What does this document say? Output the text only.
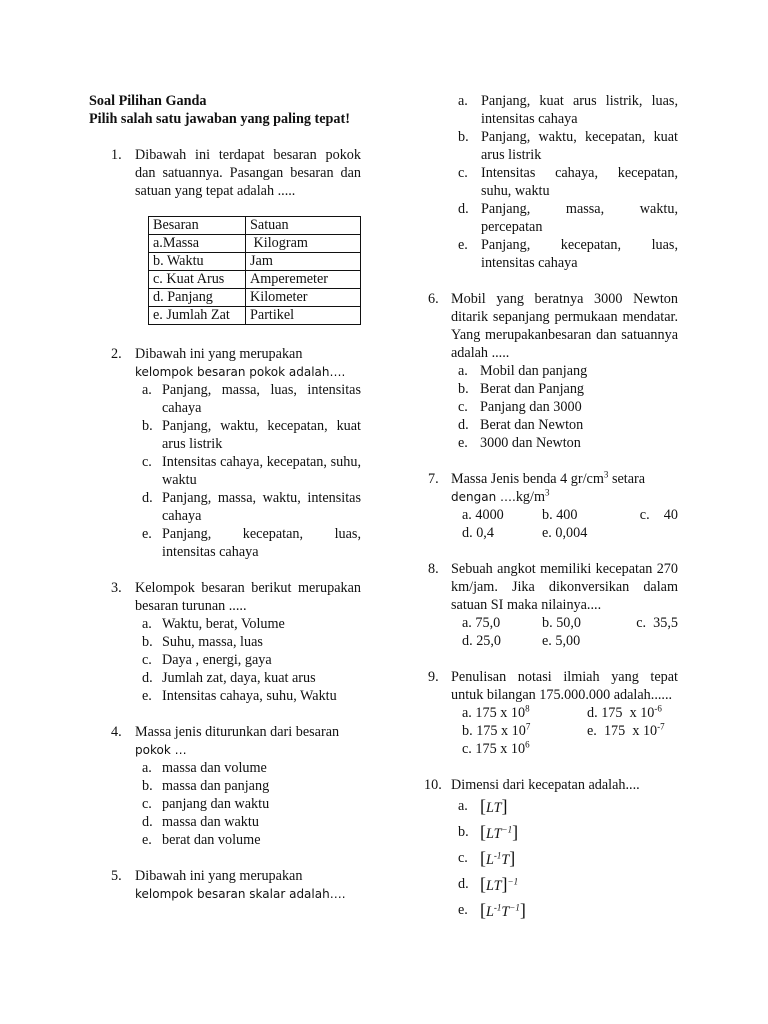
Soal Pilihan Ganda
Pilih salah satu jawaban yang paling tepat!
1. Dibawah ini terdapat besaran pokok dan satuannya. Pasangan besaran dan satuan yang tepat adalah .....
Besaran	Satuan
a.Massa	Kilogram
b. Waktu	Jam
c. Kuat Arus	Amperemeter
d. Panjang	Kilometer
e. Jumlah Zat	Partikel
2. Dibawah ini yang merupakan
kelompok besaran pokok adalah….
a. Panjang, massa, luas, intensitas cahaya
b. Panjang, waktu, kecepatan, kuat arus listrik
c. Intensitas cahaya, kecepatan, suhu, waktu
d. Panjang, massa, waktu, intensitas cahaya
e. Panjang, kecepatan, luas, intensitas cahaya
3. Kelompok besaran berikut merupakan besaran turunan .....
a. Waktu, berat, Volume
b. Suhu, massa, luas
c. Daya , energi, gaya
d. Jumlah zat, daya, kuat arus
e. Intensitas cahaya, suhu, Waktu
4. Massa jenis diturunkan dari besaran
pokok …
a. massa dan volume
b. massa dan panjang
c. panjang dan waktu
d. massa dan waktu
e. berat dan volume
5. Dibawah ini yang merupakan
kelompok besaran skalar adalah….
a. Panjang, kuat arus listrik, luas, intensitas cahaya
b. Panjang, waktu, kecepatan, kuat arus listrik
c. Intensitas cahaya, kecepatan, suhu, waktu
d. Panjang, massa, waktu, percepatan
e. Panjang, kecepatan, luas, intensitas cahaya
6. Mobil yang beratnya 3000 Newton ditarik sepanjang permukaan mendatar. Yang merupakanbesaran dan satuannya adalah .....
a. Mobil dan panjang
b. Berat dan Panjang
c. Panjang dan 3000
d. Berat dan Newton
e. 3000 dan Newton
7. Massa Jenis benda 4 $gr/cm^3$ setara
dengan $\dots.kg/m^3$
a. 4000	b. 400	c.    40
d. 0,4	e. 0,004
8. Sebuah angkot memiliki kecepatan 270 km/jam. Jika dikonversikan dalam satuan SI maka nilainya....
a. 75,0	b. 50,0	c.  35,5
d. 25,0	e. 5,00
9. Penulisan notasi ilmiah yang tepat untuk bilangan 175.000.000 adalah......
a. 175 x $10^8$	d. 175  x $10^{-6}$
b. 175 x $10^7$	e.  175  x $10^{-7}$
c. 175 x $10^6$
10. Dimensi dari kecepatan adalah....
a. [LT]
b. $[LT^{-1}]$
c. $[L^{-1}T]$
d. [LT]$^{-1}$
e. $[L^{-1}T^{-1}]$
